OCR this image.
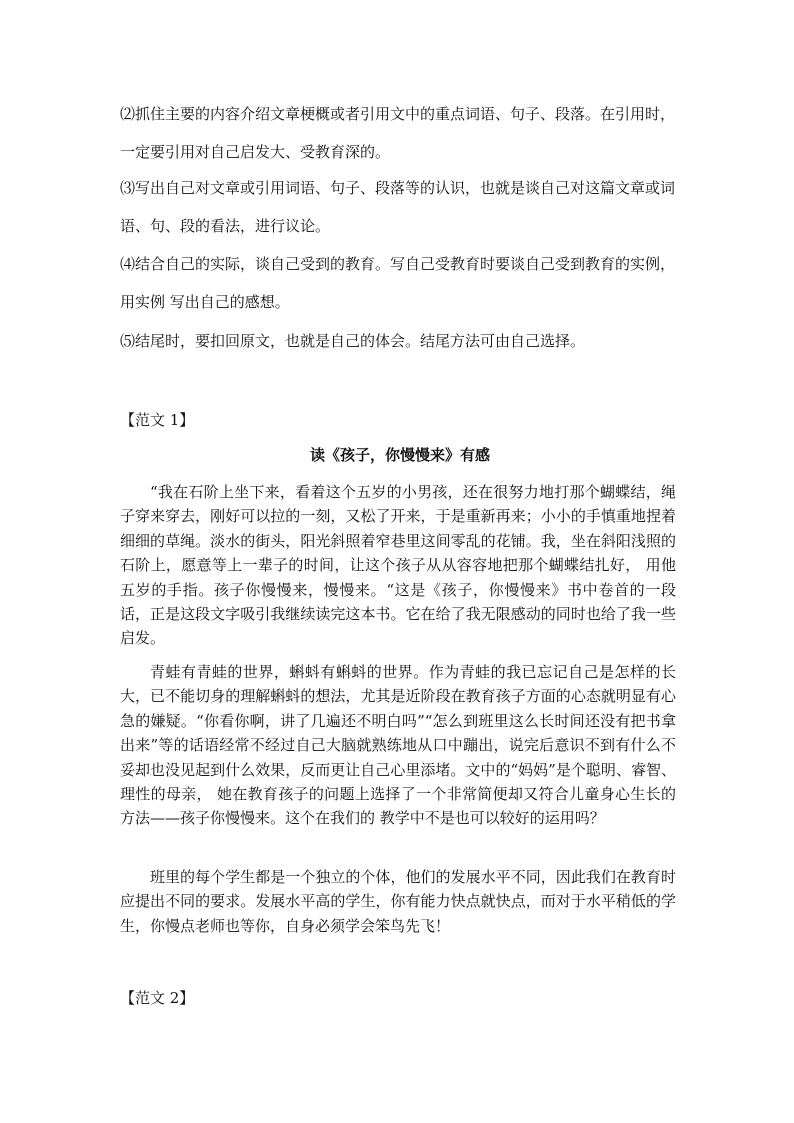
⑵抓住主要的内容介绍文章梗概或者引用文中的重点词语、句子、段落。在引用时，一定要引用对自己启发大、受教育深的。

⑶写出自己对文章或引用词语、句子、段落等的认识，也就是谈自己对这篇文章或词语、句、段的看法，进行议论。

⑷结合自己的实际，谈自己受到的教育。写自己受教育时要谈自己受到教育的实例，用实例 写出自己的感想。

⑸结尾时，要扣回原文，也就是自己的体会。结尾方法可由自己选择。

【范文 1】

读《孩子，你慢慢来》有感

“我在石阶上坐下来，看着这个五岁的小男孩，还在很努力地打那个蝴蝶结，绳子穿来穿去，刚好可以拉的一刻，又松了开来，于是重新再来；小小的手慎重地捏着细细的草绳。淡水的街头，阳光斜照着窄巷里这间零乱的花铺。我，坐在斜阳浅照的石阶上，愿意等上一辈子的时间，让这个孩子从从容容地把那个蝴蝶结扎好， 用他五岁的手指。孩子你慢慢来，慢慢来。“这是《孩子，你慢慢来》书中卷首的一段话，正是这段文字吸引我继续读完这本书。它在给了我无限感动的同时也给了我一些启发。

青蛙有青蛙的世界，蝌蚪有蝌蚪的世界。作为青蛙的我已忘记自己是怎样的长大，已不能切身的理解蝌蚪的想法，尤其是近阶段在教育孩子方面的心态就明显有心急的嫌疑。“你看你啊，讲了几遍还不明白吗”“怎么到班里这么长时间还没有把书拿出来”等的话语经常不经过自己大脑就熟练地从口中蹦出，说完后意识不到有什么不妥却也没见起到什么效果，反而更让自己心里添堵。文中的“妈妈”是个聪明、睿智、理性的母亲， 她在教育孩子的问题上选择了一个非常简便却又符合儿童身心生长的方法——孩子你慢慢来。这个在我们的 教学中不是也可以较好的运用吗？

班里的每个学生都是一个独立的个体，他们的发展水平不同，因此我们在教育时应提出不同的要求。发展水平高的学生，你有能力快点就快点，而对于水平稍低的学生，你慢点老师也等你，自身必须学会笨鸟先飞！

【范文 2】
